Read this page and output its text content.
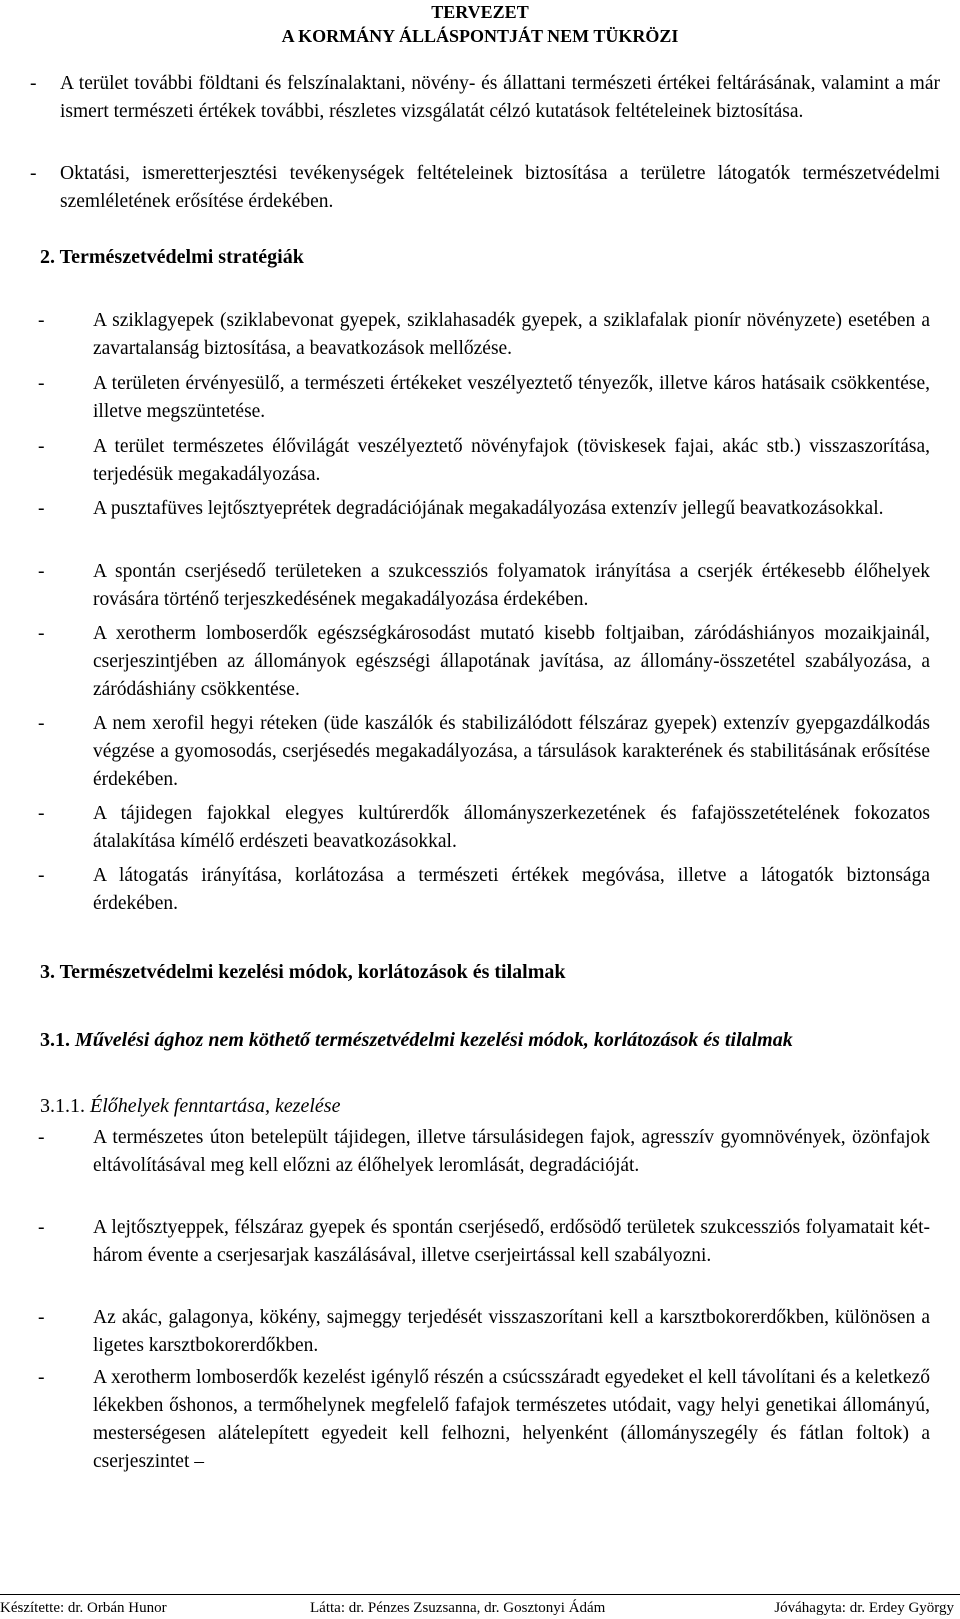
TERVEZET
A KORMÁNY ÁLLÁSPONTJÁT NEM TÜKRÖZI
- A terület további földtani és felszínalaktani, növény- és állattani természeti értékei feltárásának, valamint a már ismert természeti értékek további, részletes vizsgálatát célzó kutatások feltételeinek biztosítása.

- Oktatási, ismeretterjesztési tevékenységek feltételeinek biztosítása a területre látogatók természetvédelmi szemléletének erősítése érdekében.

2. Természetvédelmi stratégiák
- A sziklagyepek (sziklabevonat gyepek, sziklahasadék gyepek, a sziklafalak pionír növényzete) esetében a zavartalanság biztosítása, a beavatkozások mellőzése.

- A területen érvényesülő, a természeti értékeket veszélyeztető tényezők, illetve káros hatásaik csökkentése, illetve megszüntetése.

- A terület természetes élővilágát veszélyeztető növényfajok (töviskesek fajai, akác stb.) visszaszorítása, terjedésük megakadályozása.

- A pusztafüves lejtősztyeprétek degradációjának megakadályozása extenzív jellegű beavatkozásokkal.

- A spontán cserjésedő területeken a szukcessziós folyamatok irányítása a cserjék értékesebb élőhelyek rovására történő terjeszkedésének megakadályozása érdekében.

- A xerotherm lomboserdők egészségkárosodást mutató kisebb foltjaiban, záródáshiányos mozaikjainál, cserjeszintjében az állományok egészségi állapotának javítása, az állomány-összetétel szabályozása, a záródáshiány csökkentése.

- A nem xerofil hegyi réteken (üde kaszálók és stabilizálódott félszáraz gyepek) extenzív gyepgazdálkodás végzése a gyomosodás, cserjésedés megakadályozása, a társulások karakterének és stabilitásának erősítése érdekében.

- A tájidegen fajokkal elegyes kultúrerdők állományszerkezetének és fafajösszetételének fokozatos átalakítása kímélő erdészeti beavatkozásokkal.

- A látogatás irányítása, korlátozása a természeti értékek megóvása, illetve a látogatók biztonsága érdekében.

3. Természetvédelmi kezelési módok, korlátozások és tilalmak
3.1. Művelési ághoz nem köthető természetvédelmi kezelési módok, korlátozások és tilalmak
3.1.1. Élőhelyek fenntartása, kezelése
- A természetes úton betelepült tájidegen, illetve társulásidegen fajok, agresszív gyomnövények, özönfajok eltávolításával meg kell előzni az élőhelyek leromlását, degradációját.

- A lejtősztyeppek, félszáraz gyepek és spontán cserjésedő, erdősödő területek szukcessziós folyamatait két-három évente a cserjesarjak kaszálásával, illetve cserjeirtással kell szabályozni.

- Az akác, galagonya, kökény, sajmeggy terjedését visszaszorítani kell a karsztbokorerdőkben, különösen a ligetes karsztbokorerdőkben.

- A xerotherm lomboserdők kezelést igénylő részén a csúcsszáradt egyedeket el kell távolítani és a keletkező lékekben őshonos, a termőhelynek megfelelő fafajok természetes utódait, vagy helyi genetikai állományú, mesterségesen alátelepített egyedeit kell felhozni, helyenként (állományszegély és fátlan foltok) a cserjeszintet –

Készítette: dr. Orbán Hunor	Látta: dr. Pénzes Zsuzsanna, dr. Gosztonyi Ádám	Jóváhagyta: dr. Erdey György
